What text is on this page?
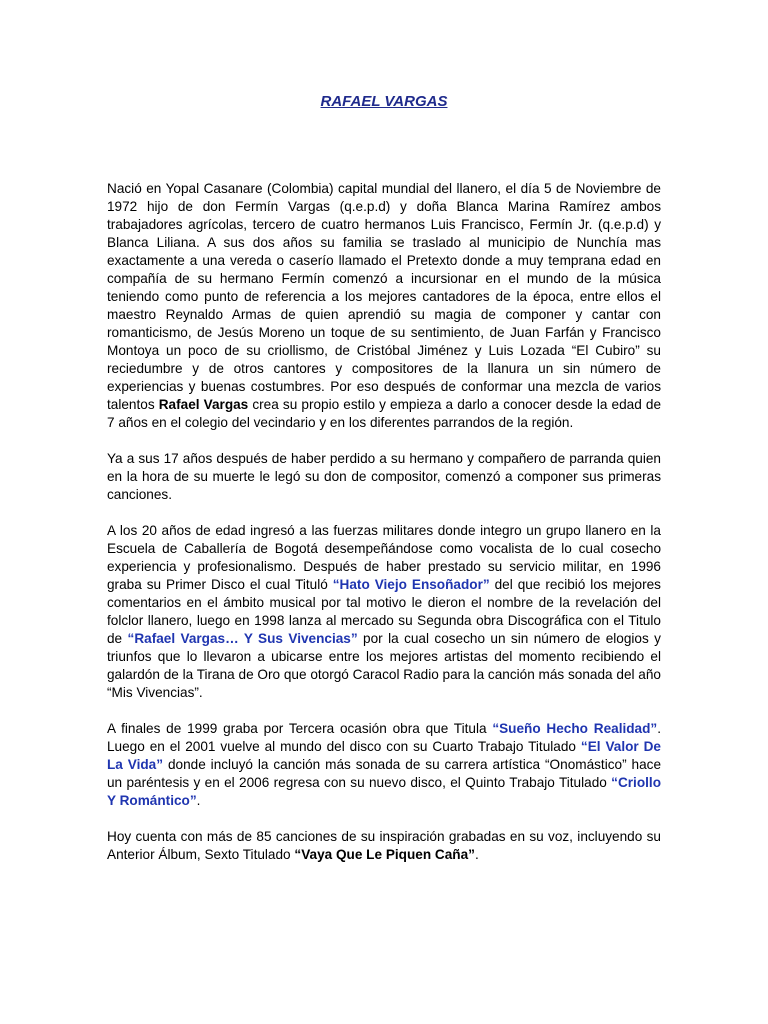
RAFAEL VARGAS

Nació en Yopal Casanare (Colombia) capital mundial del llanero, el día 5 de Noviembre de 1972 hijo de don Fermín Vargas (q.e.p.d) y doña Blanca Marina Ramírez ambos trabajadores agrícolas, tercero de cuatro hermanos Luis Francisco, Fermín Jr. (q.e.p.d) y Blanca Liliana. A sus dos años su familia se traslado al municipio de Nunchía mas exactamente a una vereda o caserío llamado el Pretexto donde a muy temprana edad en compañía de su hermano Fermín comenzó a incursionar en el mundo de la música teniendo como punto de referencia a los mejores cantadores de la época, entre ellos el maestro Reynaldo Armas de quien aprendió su magia de componer y cantar con romanticismo, de Jesús Moreno un toque de su sentimiento, de Juan Farfán y Francisco Montoya un poco de su criollismo, de Cristóbal Jiménez y Luis Lozada “El Cubiro” su reciedumbre y de otros cantores y compositores de la llanura un sin número de experiencias y buenas costumbres. Por eso después de conformar una mezcla de varios talentos Rafael Vargas crea su propio estilo y empieza a darlo a conocer desde la edad de 7 años en el colegio del vecindario y en los diferentes parrandos de la región.

Ya a sus 17 años después de haber perdido a su hermano y compañero de parranda quien en la hora de su muerte le legó su don de compositor, comenzó a componer sus primeras canciones.

A los 20 años de edad ingresó a las fuerzas militares donde integro un grupo llanero en la Escuela de Caballería de Bogotá desempeñándose como vocalista de lo cual cosecho experiencia y profesionalismo. Después de haber prestado su servicio militar, en 1996 graba su Primer Disco el cual Tituló “Hato Viejo Ensoñador” del que recibió los mejores comentarios en el ámbito musical por tal motivo le dieron el nombre de la revelación del folclor llanero, luego en 1998 lanza al mercado su Segunda obra Discográfica con el Titulo de “Rafael Vargas… Y Sus Vivencias” por la cual cosecho un sin número de elogios y triunfos que lo llevaron a ubicarse entre los mejores artistas del momento recibiendo el galardón de la Tirana de Oro que otorgó Caracol Radio para la canción más sonada del año “Mis Vivencias”.

A finales de 1999 graba por Tercera ocasión obra que Titula “Sueño Hecho Realidad”. Luego en el 2001 vuelve al mundo del disco con su Cuarto Trabajo Titulado “El Valor De La Vida” donde incluyó la canción más sonada de su carrera artística “Onomástico” hace un paréntesis y en el 2006 regresa con su nuevo disco, el Quinto Trabajo Titulado “Criollo Y Romántico”.

Hoy cuenta con más de 85 canciones de su inspiración grabadas en su voz, incluyendo su Anterior Álbum, Sexto Titulado “Vaya Que Le Piquen Caña”.
